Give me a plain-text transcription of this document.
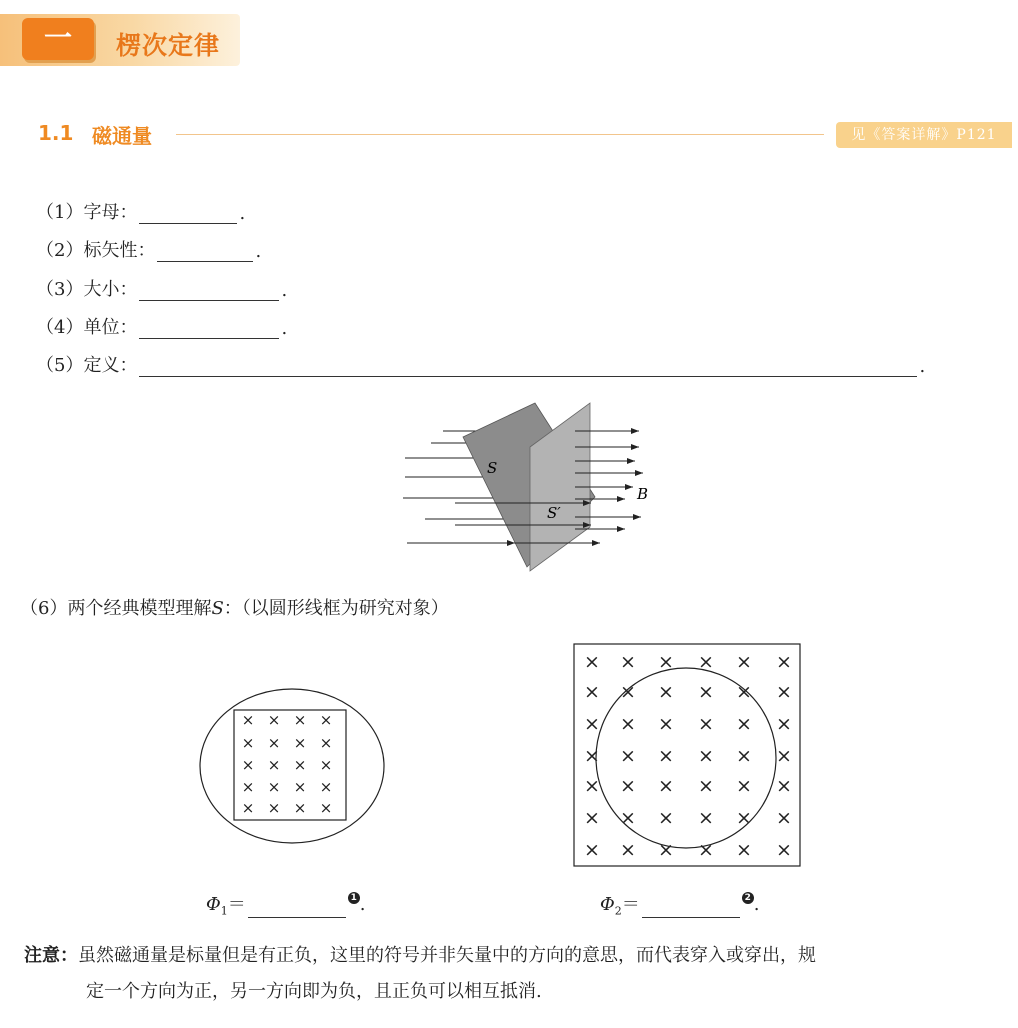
一	楞次定律
1.1 磁通量	见《答案详解》P121
（1）字母：	.
（2）标矢性：	.
（3）大小：	.
（4）单位：	.
（5）定义：	.
S
S′
B
（6）两个经典模型理解S：（以圆形线框为研究对象）
× × × ×
× × × ×
× × × ×
× × × ×
× × × ×
× × × × × ×
× × × × × ×
× × × × × ×
× × × × × ×
× × × × × ×
× × × × × ×
× × × × × ×
$\Phi_1=$	1 .	$\Phi_2=$	2 .
注意：虽然磁通量是标量但是有正负，这里的符号并非矢量中的方向的意思，而代表穿入或穿出，规
定一个方向为正，另一方向即为负，且正负可以相互抵消.
